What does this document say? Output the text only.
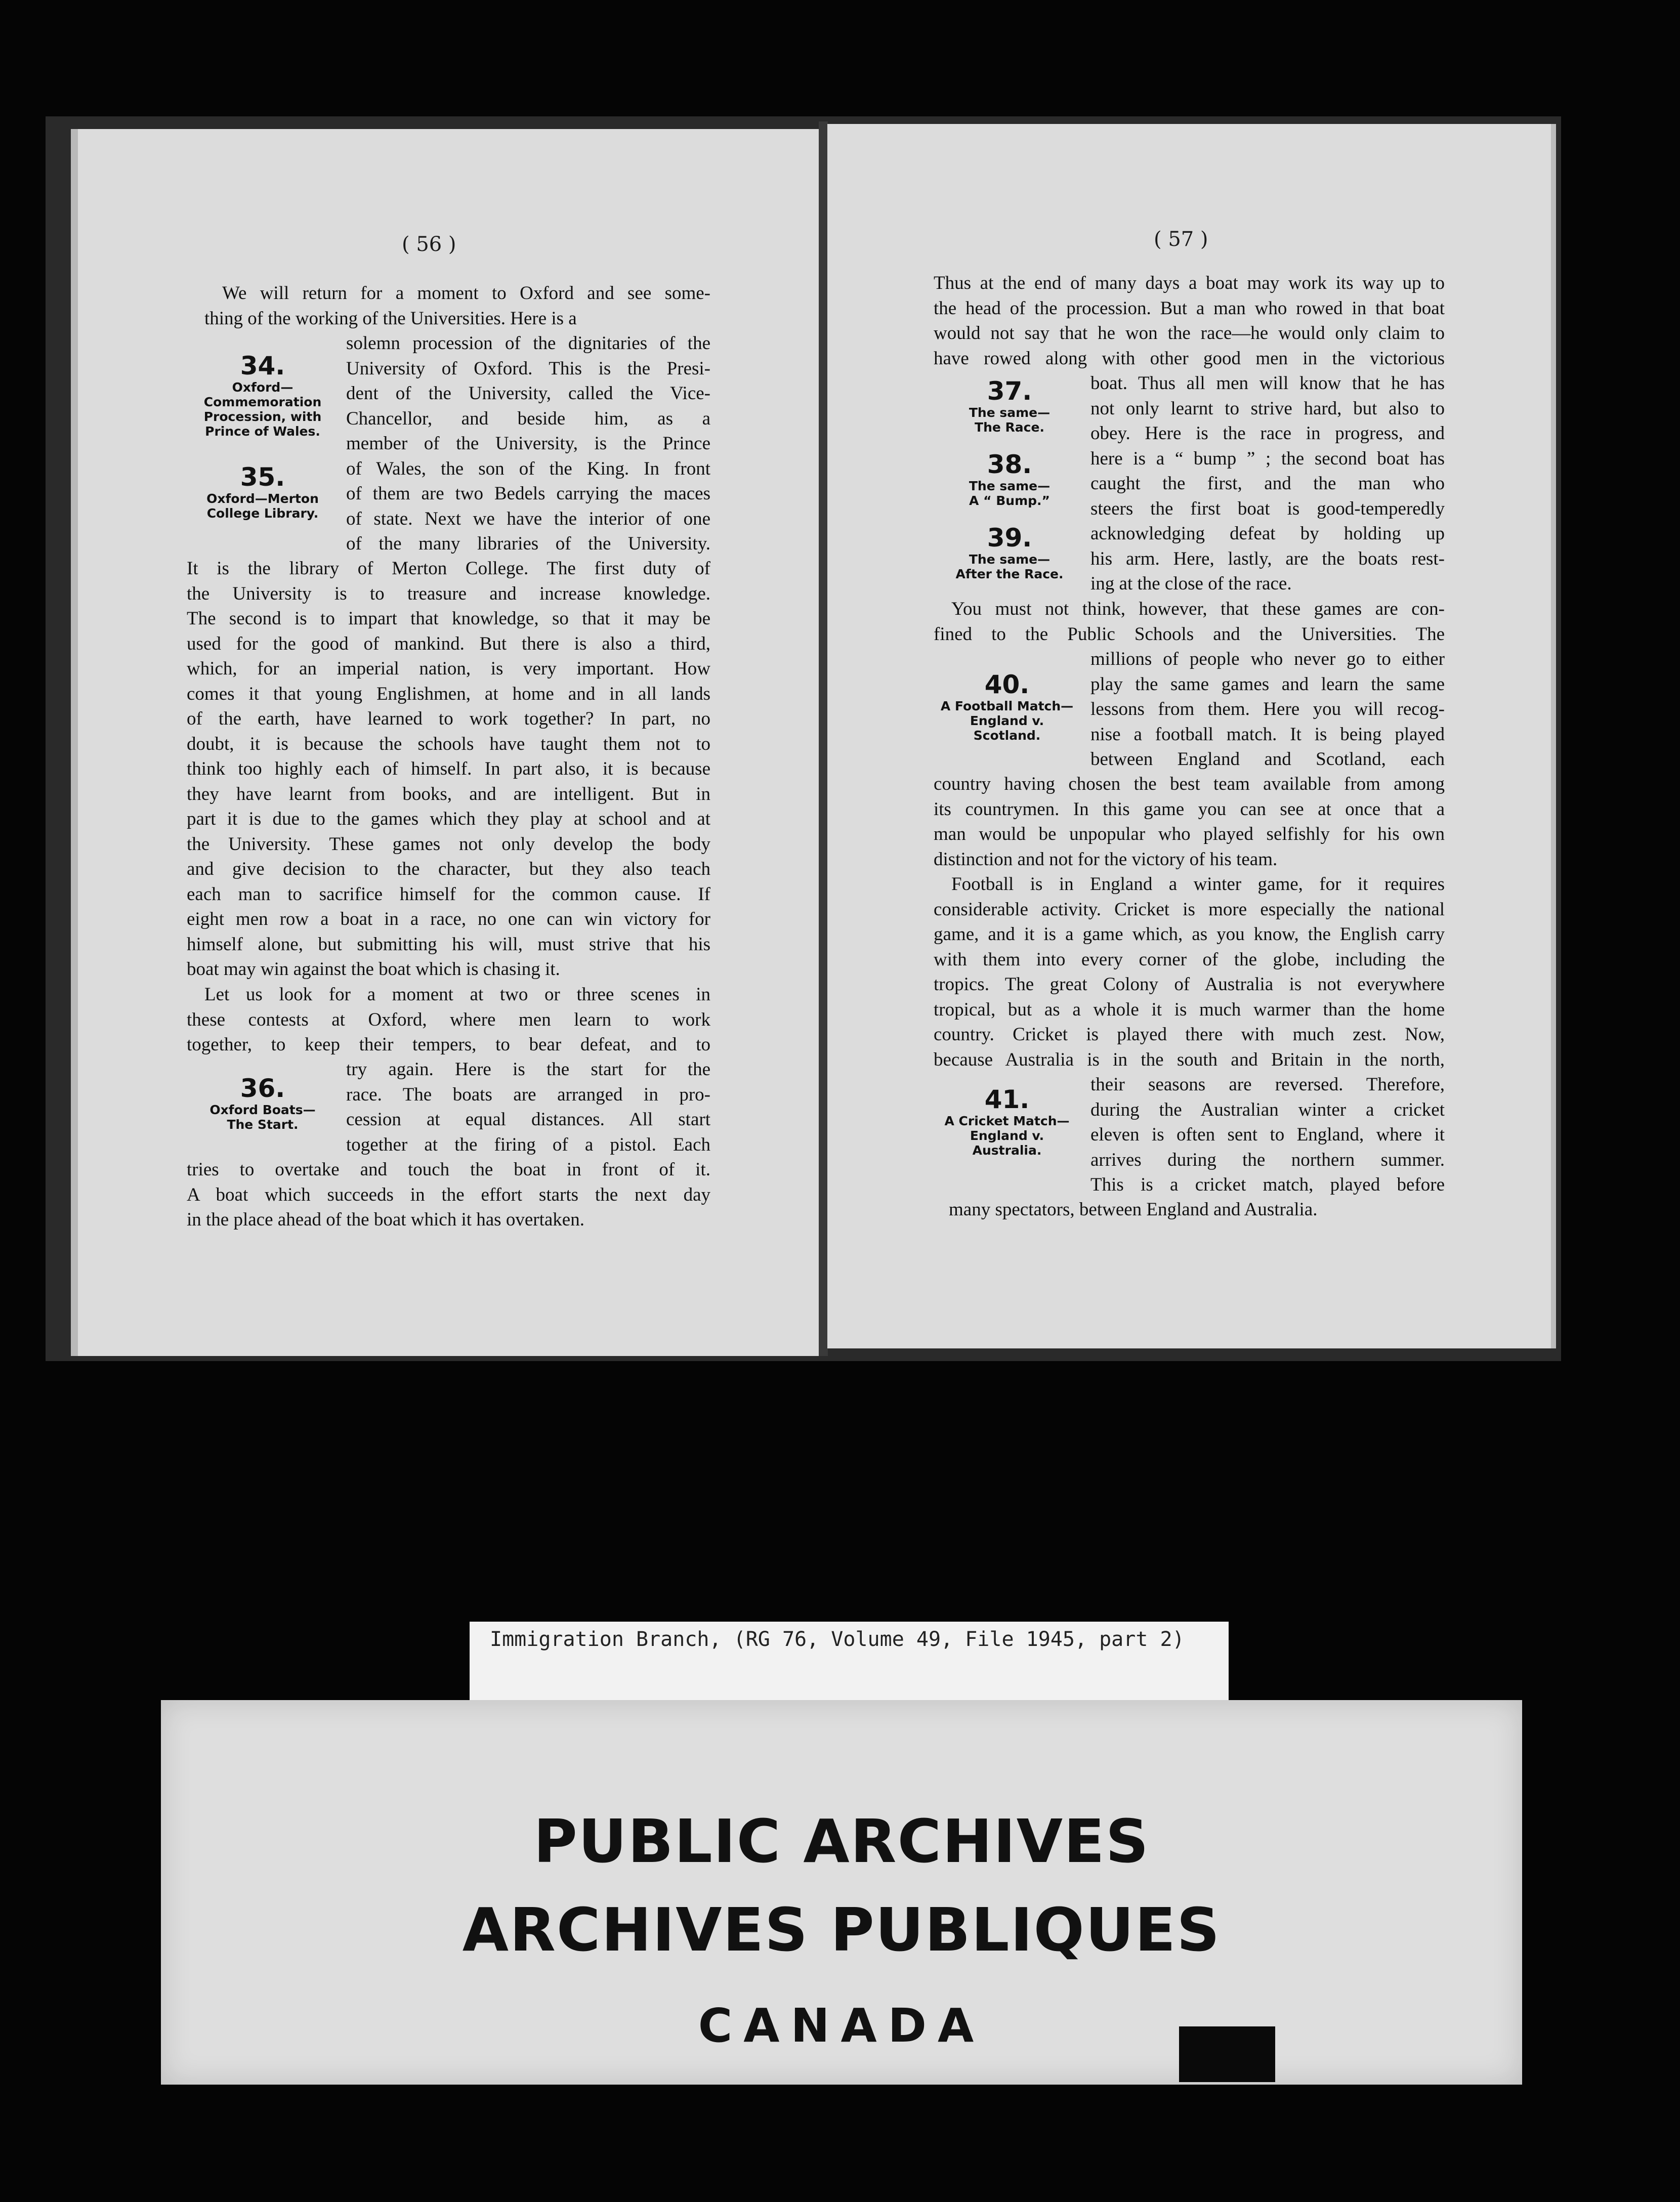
( 56 )
We will return for a moment to Oxford and see some-
thing of the working of the Universities. Here is a
solemn procession of the dignitaries of the
University of Oxford. This is the Presi-
dent of the University, called the Vice-
Chancellor, and beside him, as a
member of the University, is the Prince
of Wales, the son of the King. In front
of them are two Bedels carrying the maces
of state. Next we have the interior of one
of the many libraries of the University.
It is the library of Merton College. The first duty of
the University is to treasure and increase knowledge.
The second is to impart that knowledge, so that it may be
used for the good of mankind. But there is also a third,
which, for an imperial nation, is very important. How
comes it that young Englishmen, at home and in all lands
of the earth, have learned to work together? In part, no
doubt, it is because the schools have taught them not to
think too highly each of himself. In part also, it is because
they have learnt from books, and are intelligent. But in
part it is due to the games which they play at school and at
the University. These games not only develop the body
and give decision to the character, but they also teach
each man to sacrifice himself for the common cause. If
eight men row a boat in a race, no one can win victory for
himself alone, but submitting his will, must strive that his
boat may win against the boat which is chasing it.
Let us look for a moment at two or three scenes in
these contests at Oxford, where men learn to work
together, to keep their tempers, to bear defeat, and to
try again. Here is the start for the
race. The boats are arranged in pro-
cession at equal distances. All start
together at the firing of a pistol. Each
tries to overtake and touch the boat in front of it.
A boat which succeeds in the effort starts the next day
in the place ahead of the boat which it has overtaken.
34.
Oxford—
Commemoration
Procession, with
Prince of Wales.
35.
Oxford—Merton
College Library.
36.
Oxford Boats—
The Start.
( 57 )
Thus at the end of many days a boat may work its way up to
the head of the procession. But a man who rowed in that boat
would not say that he won the race—he would only claim to
have rowed along with other good men in the victorious
boat. Thus all men will know that he has
not only learnt to strive hard, but also to
obey. Here is the race in progress, and
here is a “ bump ” ; the second boat has
caught the first, and the man who
steers the first boat is good-temperedly
acknowledging defeat by holding up
his arm. Here, lastly, are the boats rest-
ing at the close of the race.
You must not think, however, that these games are con-
fined to the Public Schools and the Universities. The
millions of people who never go to either
play the same games and learn the same
lessons from them. Here you will recog-
nise a football match. It is being played
between England and Scotland, each
country having chosen the best team available from among
its countrymen. In this game you can see at once that a
man would be unpopular who played selfishly for his own
distinction and not for the victory of his team.
Football is in England a winter game, for it requires
considerable activity. Cricket is more especially the national
game, and it is a game which, as you know, the English carry
with them into every corner of the globe, including the
tropics. The great Colony of Australia is not everywhere
tropical, but as a whole it is much warmer than the home
country. Cricket is played there with much zest. Now,
because Australia is in the south and Britain in the north,
their seasons are reversed. Therefore,
during the Australian winter a cricket
eleven is often sent to England, where it
arrives during the northern summer.
This is a cricket match, played before
many spectators, between England and Australia.
37.
The same—
The Race.
38.
The same—
A “ Bump.”
39.
The same—
After the Race.
40.
A Football Match—
England v.
Scotland.
41.
A Cricket Match—
England v.
Australia.
Immigration Branch, (RG 76, Volume 49, File 1945, part 2)
PUBLIC ARCHIVES
ARCHIVES PUBLIQUES
CANADA
